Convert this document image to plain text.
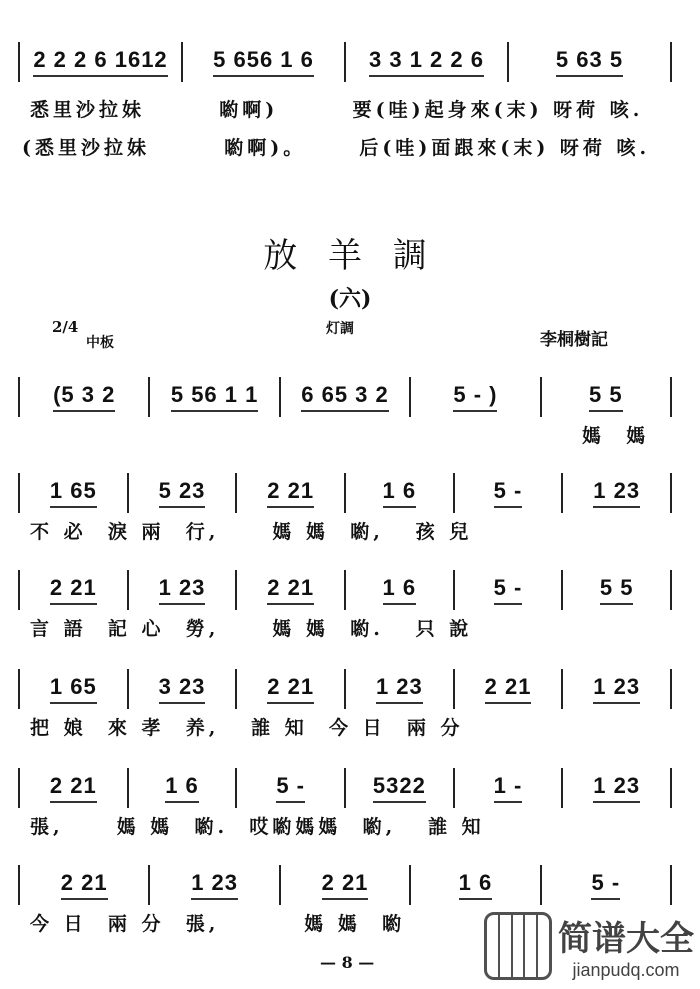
2 2 2 6 1612 5 656 1 6	3 3 1 2 2 6	5 63 5
悉里沙拉妹       喲啊)       要(哇)起身來(末) 呀荷 咳.
(悉里沙拉妹       喲啊)。     后(哇)面跟來(末) 呀荷 咳.
放 羊 調
(六)
2/4
中板
灯調
李桐樹記
(5 3 2	5 56 1 1 6 65 3 2	5 - )	5 5
媽  媽
1 65	5 23	2 21	1 6	5 -	1 23
不 必  淚 兩  行,     媽 媽  喲,   孩 兒
2 21	1 23	2 21	1 6	5 -	5 5
言 語  記 心  勞,     媽 媽  喲.   只 說
1 65	3 23	2 21	1 23	2 21	1 23
把 娘  來 孝  养,   誰 知  今 日  兩 分
2 21	1 6	5 -	5322	1 -	1 23
張,     媽 媽  喲.  哎喲媽媽  喲,   誰 知
2 21	1 23	2 21	1 6	5 -
今 日  兩 分  張,        媽 媽  喲
— 8 —
简谱大全
jianpudq.com
